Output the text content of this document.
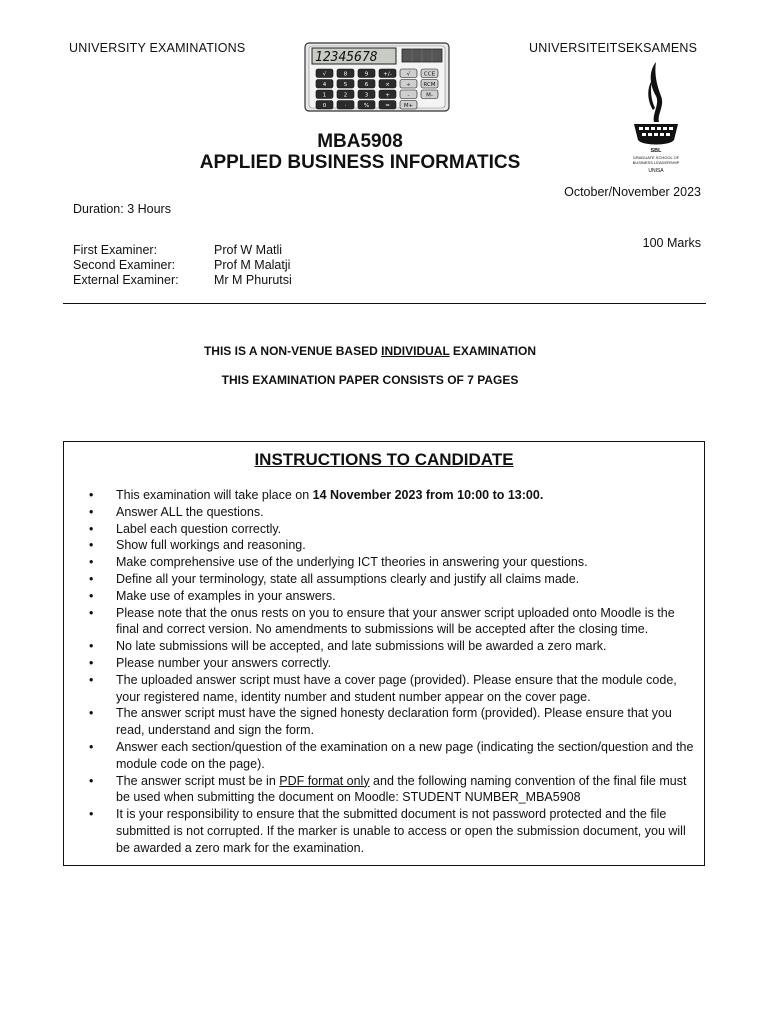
UNIVERSITY EXAMINATIONS	UNIVERSITEITSEKSAMENS
12345678
√	8	9	+/-	√ CCE
4	5	6	×	÷ RCM
1	2	3	+	-	M-
0	·	%	=	M+
SBL
GRADUATE SCHOOL OF
BUSINESS LEADERSHIP
UNISA
MBA5908
APPLIED BUSINESS INFORMATICS
October/November 2023
Duration: 3 Hours
100 Marks
First Examiner:	Prof W Matli
Second Examiner:	Prof M Malatji
External Examiner:	Mr M Phurutsi
THIS IS A NON-VENUE BASED INDIVIDUAL EXAMINATION
THIS EXAMINATION PAPER CONSISTS OF 7 PAGES
INSTRUCTIONS TO CANDIDATE
• This examination will take place on 14 November 2023 from 10:00 to 13:00.
• Answer ALL the questions.
• Label each question correctly.
• Show full workings and reasoning.
• Make comprehensive use of the underlying ICT theories in answering your questions.
• Define all your terminology, state all assumptions clearly and justify all claims made.
• Make use of examples in your answers.
• Please note that the onus rests on you to ensure that your answer script uploaded onto Moodle is the final and correct version. No amendments to submissions will be accepted after the closing time.
• No late submissions will be accepted, and late submissions will be awarded a zero mark.
• Please number your answers correctly.
• The uploaded answer script must have a cover page (provided). Please ensure that the module code, your registered name, identity number and student number appear on the cover page.
• The answer script must have the signed honesty declaration form (provided). Please ensure that you read, understand and sign the form.
• Answer each section/question of the examination on a new page (indicating the section/question and the module code on the page).
• The answer script must be in PDF format only and the following naming convention of the final file must be used when submitting the document on Moodle: STUDENT NUMBER_MBA5908
• It is your responsibility to ensure that the submitted document is not password protected and the file submitted is not corrupted. If the marker is unable to access or open the submission document, you will be awarded a zero mark for the examination.
